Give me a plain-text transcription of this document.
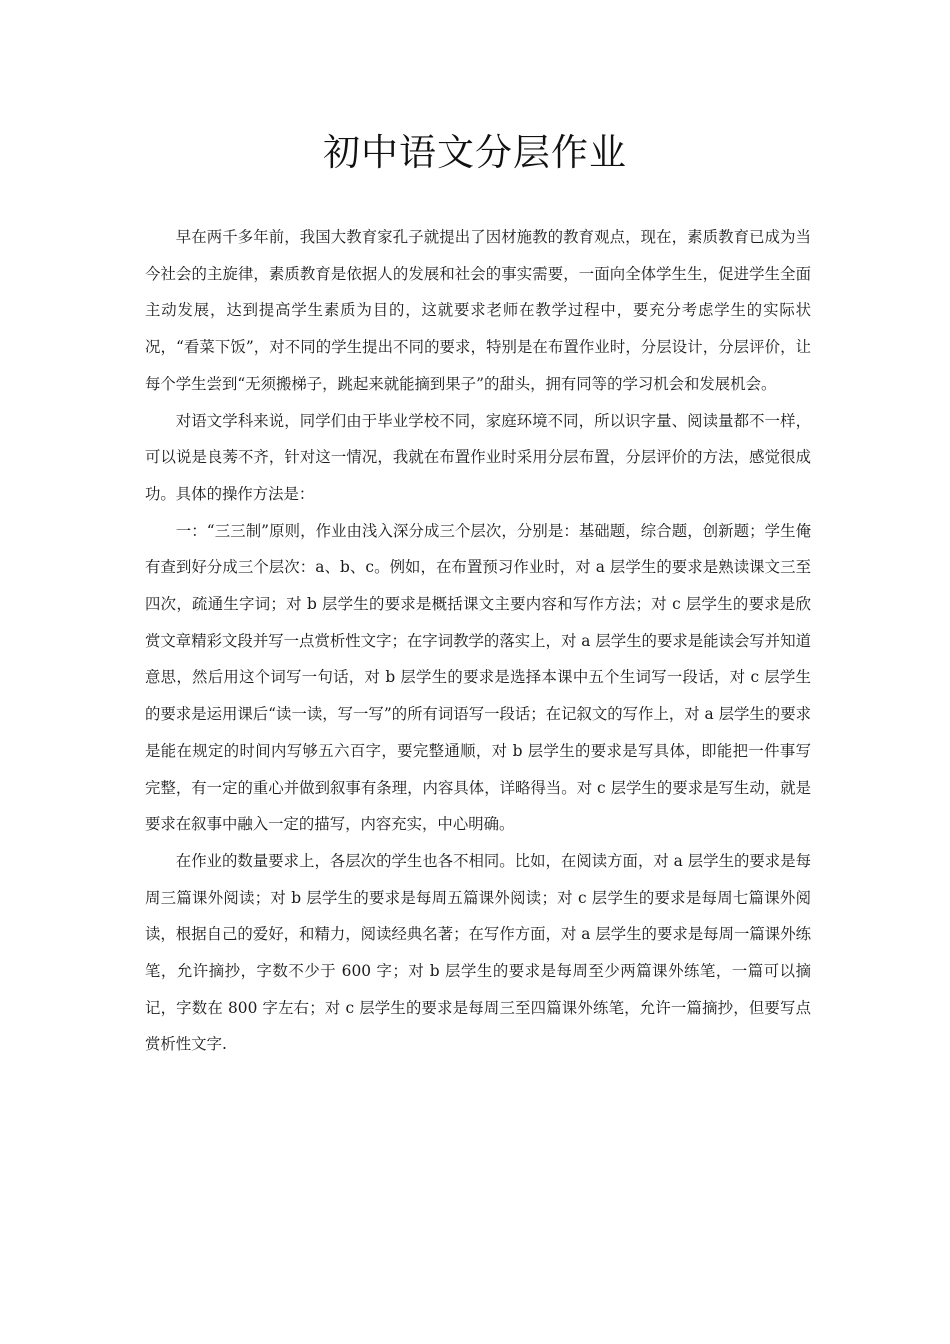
初中语文分层作业

早在两千多年前，我国大教育家孔子就提出了因材施教的教育观点，现在，素质教育已成为当今社会的主旋律，素质教育是依据人的发展和社会的事实需要，一面向全体学生生，促进学生全面主动发展，达到提高学生素质为目的，这就要求老师在教学过程中，要充分考虑学生的实际状况，“看菜下饭”，对不同的学生提出不同的要求，特别是在布置作业时，分层设计，分层评价，让每个学生尝到“无须搬梯子，跳起来就能摘到果子”的甜头，拥有同等的学习机会和发展机会。

对语文学科来说，同学们由于毕业学校不同，家庭环境不同，所以识字量、阅读量都不一样，可以说是良莠不齐，针对这一情况，我就在布置作业时采用分层布置，分层评价的方法，感觉很成功。具体的操作方法是：

一：“三三制”原则，作业由浅入深分成三个层次，分别是：基础题，综合题，创新题；学生俺有查到好分成三个层次：a、b、c。例如，在布置预习作业时，对 a 层学生的要求是熟读课文三至四次，疏通生字词；对 b 层学生的要求是概括课文主要内容和写作方法；对 c 层学生的要求是欣赏文章精彩文段并写一点赏析性文字；在字词教学的落实上，对 a 层学生的要求是能读会写并知道意思，然后用这个词写一句话，对 b 层学生的要求是选择本课中五个生词写一段话，对 c 层学生的要求是运用课后“读一读，写一写”的所有词语写一段话；在记叙文的写作上，对 a 层学生的要求是能在规定的时间内写够五六百字，要完整通顺，对 b 层学生的要求是写具体，即能把一件事写完整，有一定的重心并做到叙事有条理，内容具体，详略得当。对 c 层学生的要求是写生动，就是要求在叙事中融入一定的描写，内容充实，中心明确。

在作业的数量要求上，各层次的学生也各不相同。比如，在阅读方面，对 a 层学生的要求是每周三篇课外阅读；对 b 层学生的要求是每周五篇课外阅读；对 c 层学生的要求是每周七篇课外阅读，根据自己的爱好，和精力，阅读经典名著；在写作方面，对 a 层学生的要求是每周一篇课外练笔，允许摘抄，字数不少于 600 字；对 b 层学生的要求是每周至少两篇课外练笔，一篇可以摘记，字数在 800 字左右；对 c 层学生的要求是每周三至四篇课外练笔，允许一篇摘抄，但要写点赏析性文字.
